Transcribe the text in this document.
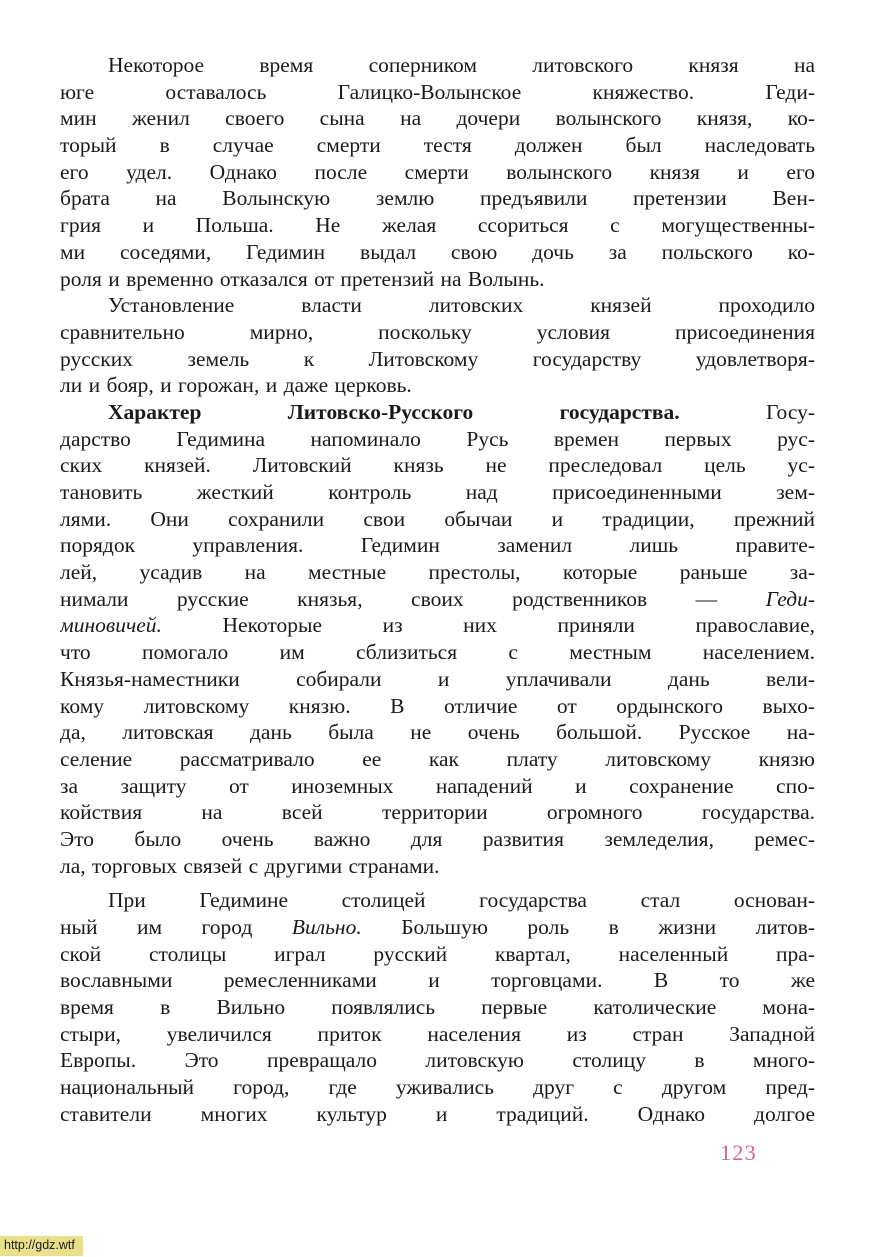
Некоторое время соперником литовского князя на
юге оставалось Галицко-Волынское княжество. Геди-
мин женил своего сына на дочери волынского князя, ко-
торый в случае смерти тестя должен был наследовать
его удел. Однако после смерти волынского князя и его
брата на Волынскую землю предъявили претензии Вен-
грия и Польша. Не желая ссориться с могущественны-
ми соседями, Гедимин выдал свою дочь за польского ко-
роля и временно отказался от претензий на Волынь.
Установление власти литовских князей проходило
сравнительно мирно, поскольку условия присоединения
русских земель к Литовскому государству удовлетворя-
ли и бояр, и горожан, и даже церковь.
Характер Литовско-Русского государства. Госу-
дарство Гедимина напоминало Русь времен первых рус-
ских князей. Литовский князь не преследовал цель ус-
тановить жесткий контроль над присоединенными зем-
лями. Они сохранили свои обычаи и традиции, прежний
порядок управления. Гедимин заменил лишь правите-
лей, усадив на местные престолы, которые раньше за-
нимали русские князья, своих родственников — Геди-
миновичей. Некоторые из них приняли православие,
что помогало им сблизиться с местным населением.
Князья-наместники собирали и уплачивали дань вели-
кому литовскому князю. В отличие от ордынского выхо-
да, литовская дань была не очень большой. Русское на-
селение рассматривало ее как плату литовскому князю
за защиту от иноземных нападений и сохранение спо-
койствия на всей территории огромного государства.
Это было очень важно для развития земледелия, ремес-
ла, торговых связей с другими странами.
При Гедимине столицей государства стал основан-
ный им город Вильно. Большую роль в жизни литов-
ской столицы играл русский квартал, населенный пра-
вославными ремесленниками и торговцами. В то же
время в Вильно появлялись первые католические мона-
стыри, увеличился приток населения из стран Западной
Европы. Это превращало литовскую столицу в много-
национальный город, где уживались друг с другом пред-
ставители многих культур и традиций. Однако долгое
123
http://gdz.wtf
